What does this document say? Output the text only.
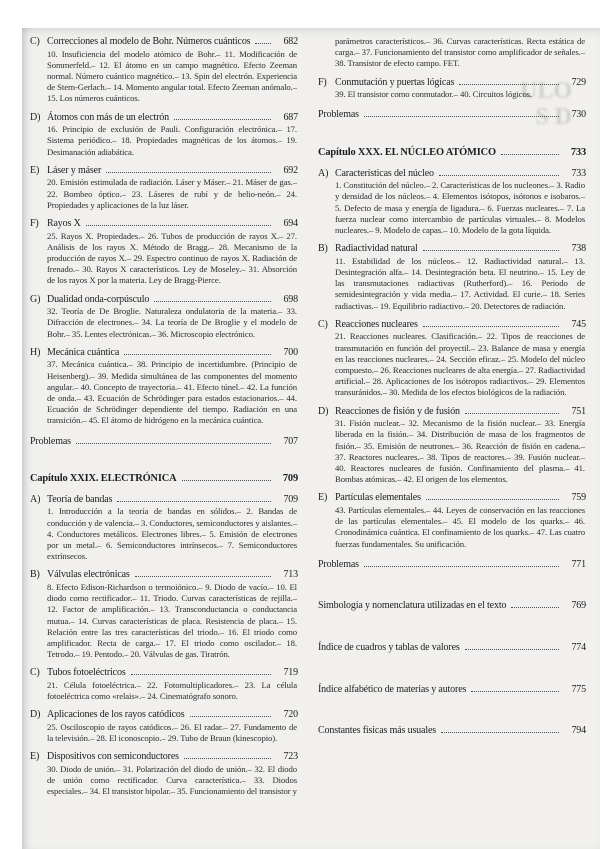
ULO
S D
C) Correcciones al modelo de Bohr. Números cuánticos	682

10. Insuficiencia del modelo atómico de Bohr.– 11. Modificación de Sommerfeld.– 12. El átomo en un campo magnético. Efecto Zeeman normal. Número cuántico magnético.– 13. Spin del electrón. Experiencia de Stern-Gerlach.– 14. Momento angular total. Efecto Zeeman anómalo.– 15. Los números cuánticos.

D) Átomos con más de un electrón	687

16. Principio de exclusión de Pauli. Configuración electrónica.– 17. Sistema periódico.– 18. Propiedades magnéticas de los átomos.– 19. Desimanación adiabática.

E) Láser y máser	692

20. Emisión estimulada de radiación. Láser y Máser.– 21. Máser de gas.– 22. Bombeo óptico.– 23. Láseres de rubí y de helio-neón.– 24. Propiedades y aplicaciones de la luz láser.

F) Rayos X	694

25. Rayos X. Propiedades.– 26. Tubos de producción de rayos X.– 27. Análisis de los rayos X. Método de Bragg.– 28. Mecanismo de la producción de rayos X.– 29. Espectro continuo de rayos X. Radiación de frenado.– 30. Rayos X característicos. Ley de Moseley.– 31. Absorción de los rayos X por la materia. Ley de Bragg-Pierce.

G) Dualidad onda-corpúsculo	698

32. Teoría de De Broglie. Naturaleza ondulatoria de la materia.– 33. Difracción de electrones.– 34. La teoría de De Broglie y el modelo de Bohr.– 35. Lentes electrónicas.– 36. Microscopio electrónico.

H) Mecánica cuántica	700

37. Mecánica cuántica.– 38. Principio de incertidumbre. (Principio de Heisenberg).– 39. Medida simultánea de las componentes del momento angular.– 40. Concepto de trayectoria.– 41. Efecto túnel.– 42. La función de onda.– 43. Ecuación de Schrödinger para estados estacionarios.– 44. Ecuación de Schrödinger dependiente del tiempo. Radiación en una transición.– 45. El átomo de hidrógeno en la mecánica cuántica.

Problemas	707
Capítulo XXIX. ELECTRÓNICA	709
A) Teoría de bandas	709

1. Introducción a la teoría de bandas en sólidos.– 2. Bandas de conducción y de valencia.– 3. Conductores, semiconductores y aislantes.– 4. Conductores metálicos. Electrones libres.– 5. Emisión de electrones por un metal.– 6. Semiconductores intrínsecos.– 7. Semiconductores extrínsecos.

B) Válvulas electrónicas	713

8. Efecto Edison-Richardson o termoiónico.– 9. Diodo de vacío.– 10. El diodo como rectificador.– 11. Triodo. Curvas características de rejilla.– 12. Factor de amplificación.– 13. Transconductancia o conductancia mutua.– 14. Curvas características de placa. Resistencia de placa.– 15. Relación entre las tres características del triodo.– 16. El triodo como amplificador. Recta de carga.– 17. El triodo como oscilador.– 18. Tetrodo.– 19. Pentodo.– 20. Válvulas de gas. Tiratrón.

C) Tubos fotoeléctricos	719

21. Célula fotoeléctrica.– 22. Fotomultiplicadores.– 23. La célula fotoeléctrica como «relais».– 24. Cinematógrafo sonoro.

D) Aplicaciones de los rayos catódicos	720

25. Osciloscopio de rayos catódicos.– 26. El radar.– 27. Fundamento de la televisión.– 28. El iconoscopio.– 29. Tubo de Braun (kinescopio).

E) Dispositivos con semiconductores	723

30. Diodo de unión.– 31. Polarización del diodo de unión.– 32. El diodo de unión como rectificador. Curva característica.– 33. Diodos especiales.– 34. El transistor bipolar.– 35. Funcionamiento del transistor y

parámetros característicos.– 36. Curvas características. Recta estática de carga.– 37. Funcionamiento del transistor como amplificador de señales.– 38. Transistor de efecto campo. FET.

F) Conmutación y puertas lógicas	729

39. El transistor como conmutador.– 40. Circuitos lógicos.

Problemas	730
Capítulo XXX. EL NÚCLEO ATÓMICO	733
A) Características del núcleo	733

1. Constitución del núcleo.– 2. Características de los nucleones.– 3. Radio y densidad de los núcleos.– 4. Elementos isótopos, isótonos e isobaros.– 5. Defecto de masa y energía de ligadura.– 6. Fuerzas nucleares.– 7. La fuerza nuclear como intercambio de partículas virtuales.– 8. Modelos nucleares.– 9. Modelo de capas.– 10. Modelo de la gota líquida.

B) Radiactividad natural	738

11. Estabilidad de los núcleos.– 12. Radiactividad natural.– 13. Desintegración alfa.– 14. Desintegración beta. El neutrino.– 15. Ley de las transmutaciones radiactivas (Rutherford).– 16. Periodo de semidesintegración y vida media.– 17. Actividad. El curie.– 18. Series radiactivas.– 19. Equilibrio radiactivo.– 20. Detectores de radiación.

C) Reacciones nucleares	745

21. Reacciones nucleares. Clasificación.– 22. Tipos de reacciones de transmutación en función del proyectil.– 23. Balance de masa y energía en las reacciones nucleares.– 24. Sección eficaz.– 25. Modelo del núcleo compuesto.– 26. Reacciones nucleares de alta energía.– 27. Radiactividad artificial.– 28. Aplicaciones de los isótropos radiactivos.– 29. Elementos transuránidos.– 30. Medida de los efectos biológicos de la radiación.

D) Reacciones de fisión y de fusión	751

31. Fisión nuclear.– 32. Mecanismo de la fisión nuclear.– 33. Energía liberada en la fisión.– 34. Distribución de masa de los fragmentos de fisión.– 35. Emisión de neutrones.– 36. Reacción de fisión en cadena.– 37. Reactores nucleares.– 38. Tipos de reactores.– 39. Fusión nuclear.– 40. Reactores nucleares de fusión. Confinamiento del plasma.– 41. Bombas atómicas.– 42. El origen de los elementos.

E) Partículas elementales	759

43. Partículas elementales.– 44. Leyes de conservación en las reacciones de las partículas elementales.– 45. El modelo de los quarks.– 46. Cronodinámica cuántica. El confinamiento de los quarks.– 47. Las cuatro fuerzas fundamentales. Su unificación.

Problemas	771
Simbología y nomenclatura utilizadas en el texto	769
Índice de cuadros y tablas de valores	774
Índice alfabético de materias y autores	775
Constantes físicas más usuales	794
